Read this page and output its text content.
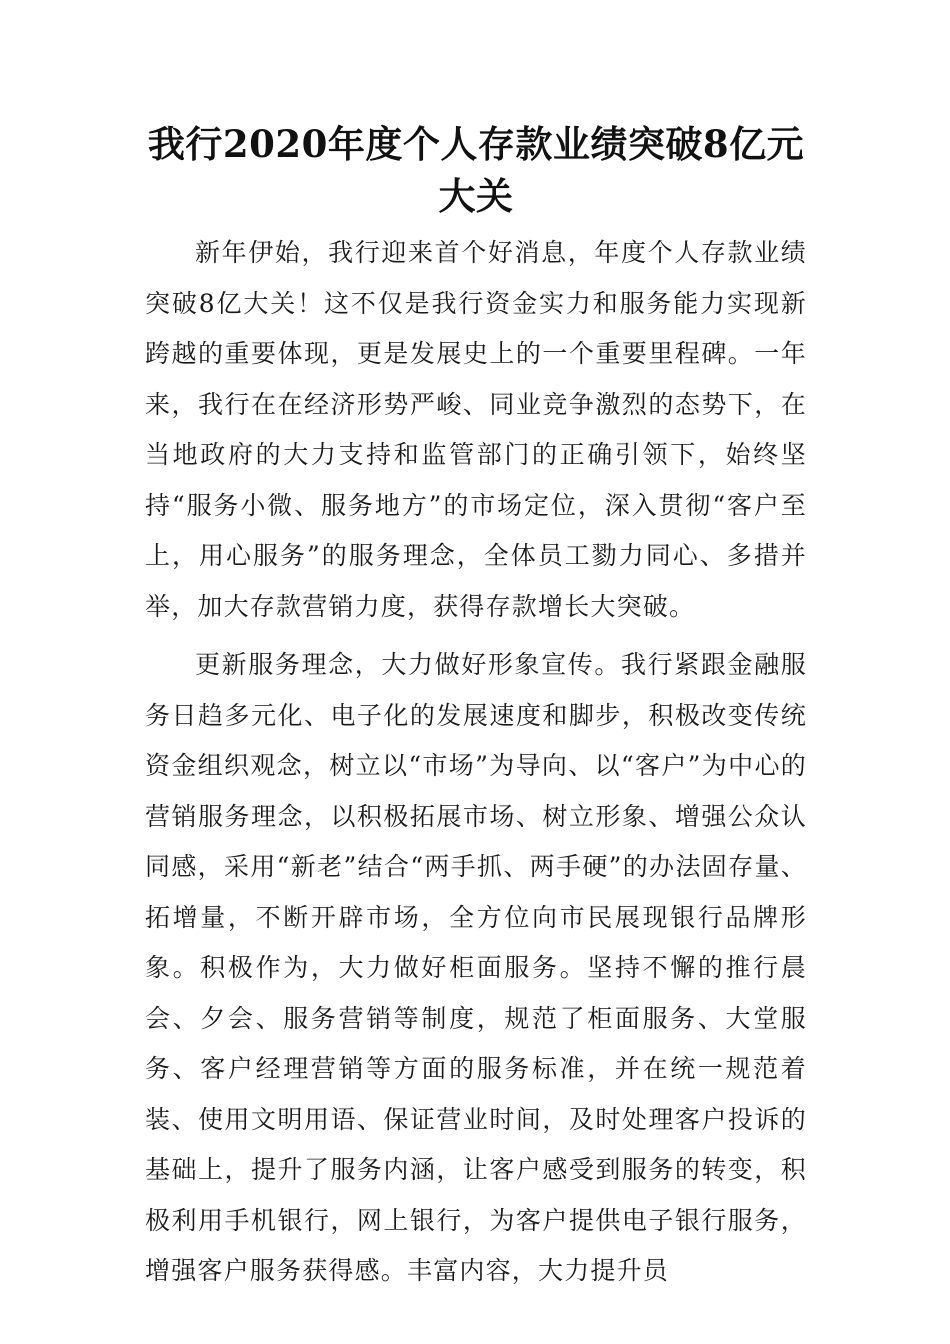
我行2020年度个人存款业绩突破8亿元大关

新年伊始，我行迎来首个好消息，年度个人存款业绩突破8亿大关！这不仅是我行资金实力和服务能力实现新跨越的重要体现，更是发展史上的一个重要里程碑。一年来，我行在在经济形势严峻、同业竞争激烈的态势下，在当地政府的大力支持和监管部门的正确引领下，始终坚持“服务小微、服务地方”的市场定位，深入贯彻“客户至上，用心服务”的服务理念，全体员工勠力同心、多措并举，加大存款营销力度，获得存款增长大突破。

更新服务理念，大力做好形象宣传。我行紧跟金融服务日趋多元化、电子化的发展速度和脚步，积极改变传统资金组织观念，树立以“市场”为导向、以“客户”为中心的营销服务理念，以积极拓展市场、树立形象、增强公众认同感，采用“新老”结合“两手抓、两手硬”的办法固存量、拓增量，不断开辟市场，全方位向市民展现银行品牌形象。积极作为，大力做好柜面服务。坚持不懈的推行晨会、夕会、服务营销等制度，规范了柜面服务、大堂服务、客户经理营销等方面的服务标准，并在统一规范着装、使用文明用语、保证营业时间，及时处理客户投诉的基础上，提升了服务内涵，让客户感受到服务的转变，积极利用手机银行，网上银行，为客户提供电子银行服务，增强客户服务获得感。丰富内容，大力提升员
